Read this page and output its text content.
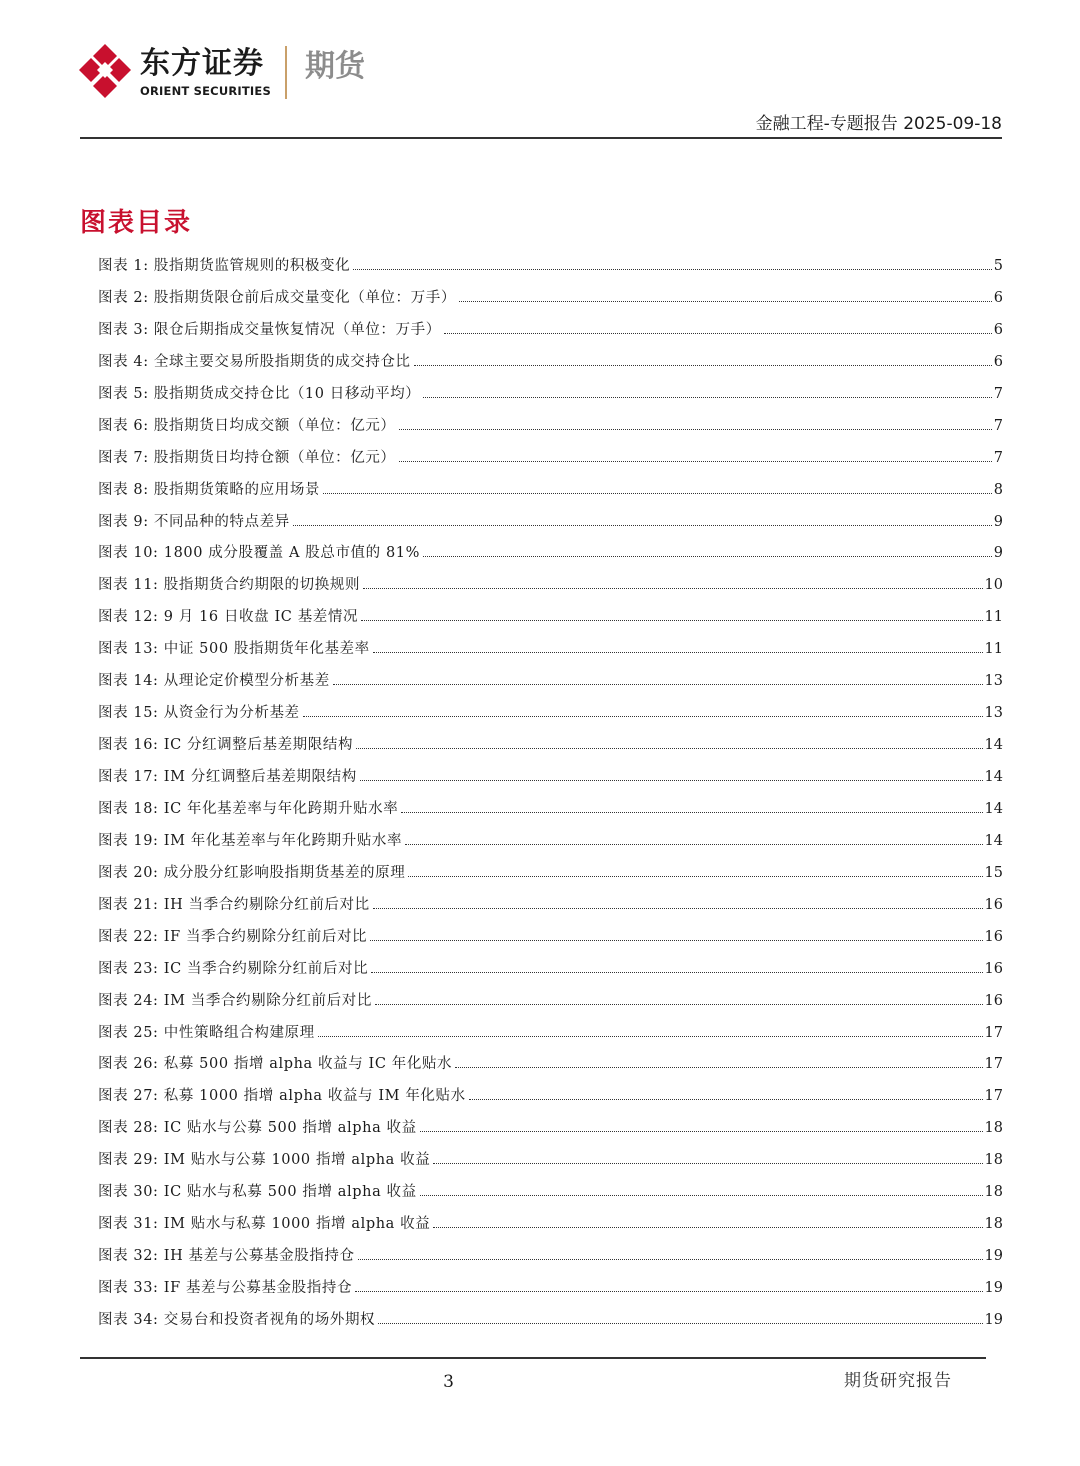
东方证券
ORIENT SECURITIES
期货
金融工程-专题报告 2025-09-18
图表目录
图表 1: 股指期货监管规则的积极变化	5
图表 2: 股指期货限仓前后成交量变化（单位：万手）	6
图表 3: 限仓后期指成交量恢复情况（单位：万手）	6
图表 4: 全球主要交易所股指期货的成交持仓比	6
图表 5: 股指期货成交持仓比（10 日移动平均）	7
图表 6: 股指期货日均成交额（单位：亿元）	7
图表 7: 股指期货日均持仓额（单位：亿元）	7
图表 8: 股指期货策略的应用场景	8
图表 9: 不同品种的特点差异	9
图表 10: 1800 成分股覆盖 A 股总市值的 81%	9
图表 11: 股指期货合约期限的切换规则	10
图表 12: 9 月 16 日收盘 IC 基差情况	11
图表 13: 中证 500 股指期货年化基差率	11
图表 14: 从理论定价模型分析基差	13
图表 15: 从资金行为分析基差	13
图表 16: IC 分红调整后基差期限结构	14
图表 17: IM 分红调整后基差期限结构	14
图表 18: IC 年化基差率与年化跨期升贴水率	14
图表 19: IM 年化基差率与年化跨期升贴水率	14
图表 20: 成分股分红影响股指期货基差的原理	15
图表 21: IH 当季合约剔除分红前后对比	16
图表 22: IF 当季合约剔除分红前后对比	16
图表 23: IC 当季合约剔除分红前后对比	16
图表 24: IM 当季合约剔除分红前后对比	16
图表 25: 中性策略组合构建原理	17
图表 26: 私募 500 指增 alpha 收益与 IC 年化贴水	17
图表 27: 私募 1000 指增 alpha 收益与 IM 年化贴水	17
图表 28: IC 贴水与公募 500 指增 alpha 收益	18
图表 29: IM 贴水与公募 1000 指增 alpha 收益	18
图表 30: IC 贴水与私募 500 指增 alpha 收益	18
图表 31: IM 贴水与私募 1000 指增 alpha 收益	18
图表 32: IH 基差与公募基金股指持仓	19
图表 33: IF 基差与公募基金股指持仓	19
图表 34: 交易台和投资者视角的场外期权	19
3	期货研究报告
